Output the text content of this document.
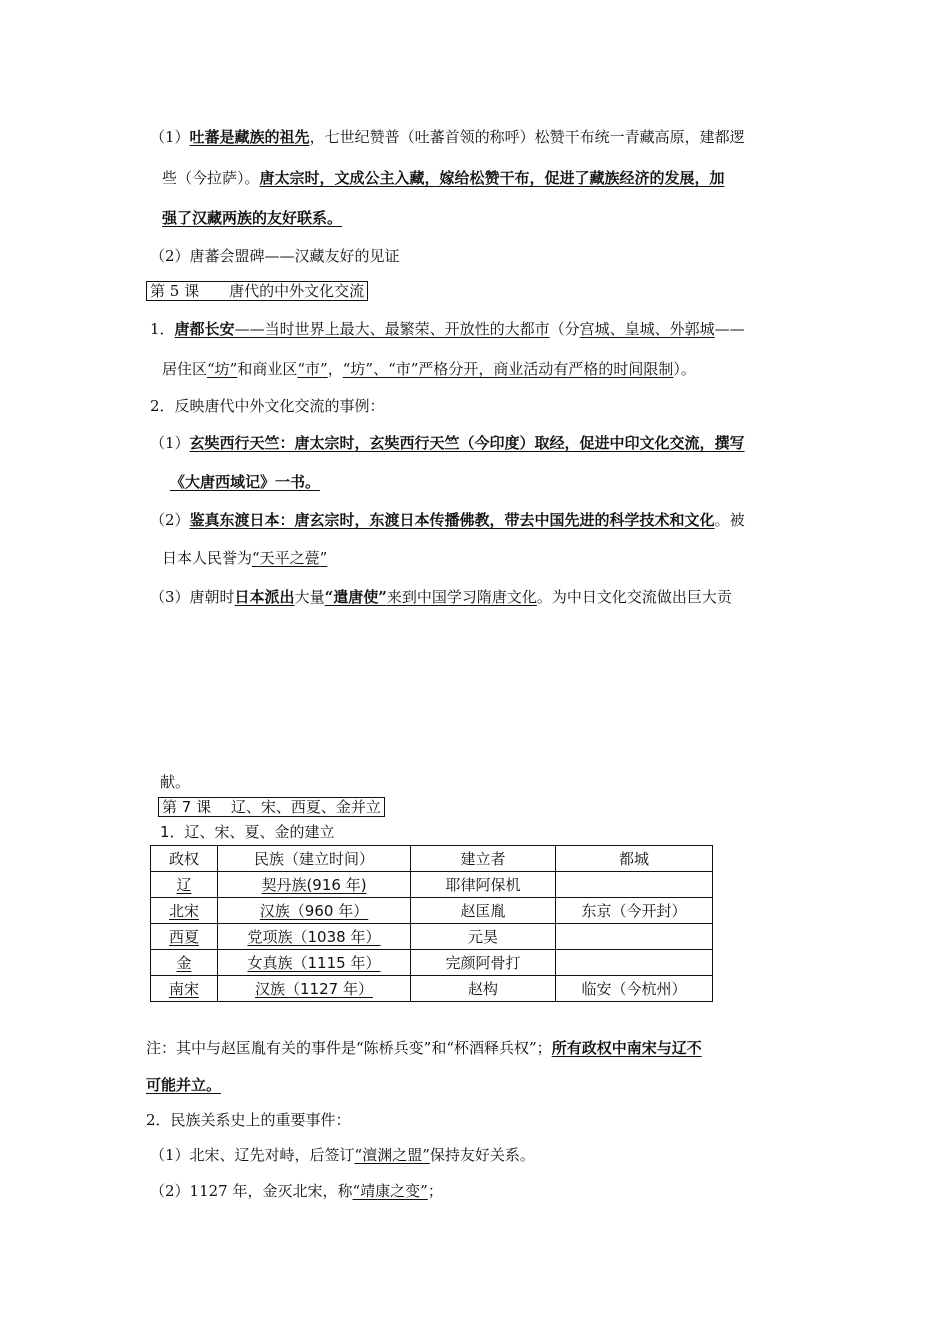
（1）吐蕃是藏族的祖先，七世纪赞普（吐蕃首领的称呼）松赞干布统一青藏高原，建都逻
些（今拉萨）。唐太宗时，文成公主入藏，嫁给松赞干布，促进了藏族经济的发展，加
强了汉藏两族的友好联系。
（2）唐蕃会盟碑——汉藏友好的见证
第 5 课　　唐代的中外文化交流
1．唐都长安——当时世界上最大、最繁荣、开放性的大都市（分宫城、皇城、外郭城——
居住区“坊”和商业区“市”，“坊”、“市”严格分开，商业活动有严格的时间限制）。
2．反映唐代中外文化交流的事例：
（1）玄奘西行天竺：唐太宗时，玄奘西行天竺（今印度）取经，促进中印文化交流，撰写
《大唐西域记》一书。
（2）鉴真东渡日本：唐玄宗时，东渡日本传播佛教，带去中国先进的科学技术和文化。被
日本人民誉为“天平之甍”
（3）唐朝时日本派出大量“遣唐使”来到中国学习隋唐文化。为中日文化交流做出巨大贡
献。
第 7 课　 辽、宋、西夏、金并立
1．辽、宋、夏、金的建立
政权	民族（建立时间）	建立者	都城
辽	契丹族(916 年)	耶律阿保机	
北宋	汉族（960 年）	赵匡胤	东京（今开封）
西夏	党项族（1038 年）	元昊	
金	女真族（1115 年）	完颜阿骨打	
南宋	汉族（1127 年）	赵构	临安（今杭州）
注：其中与赵匡胤有关的事件是“陈桥兵变”和“杯酒释兵权”；所有政权中南宋与辽不
可能并立。
2．民族关系史上的重要事件：
（1）北宋、辽先对峙，后签订“澶渊之盟”保持友好关系。
（2）1127 年，金灭北宋，称“靖康之变”；
